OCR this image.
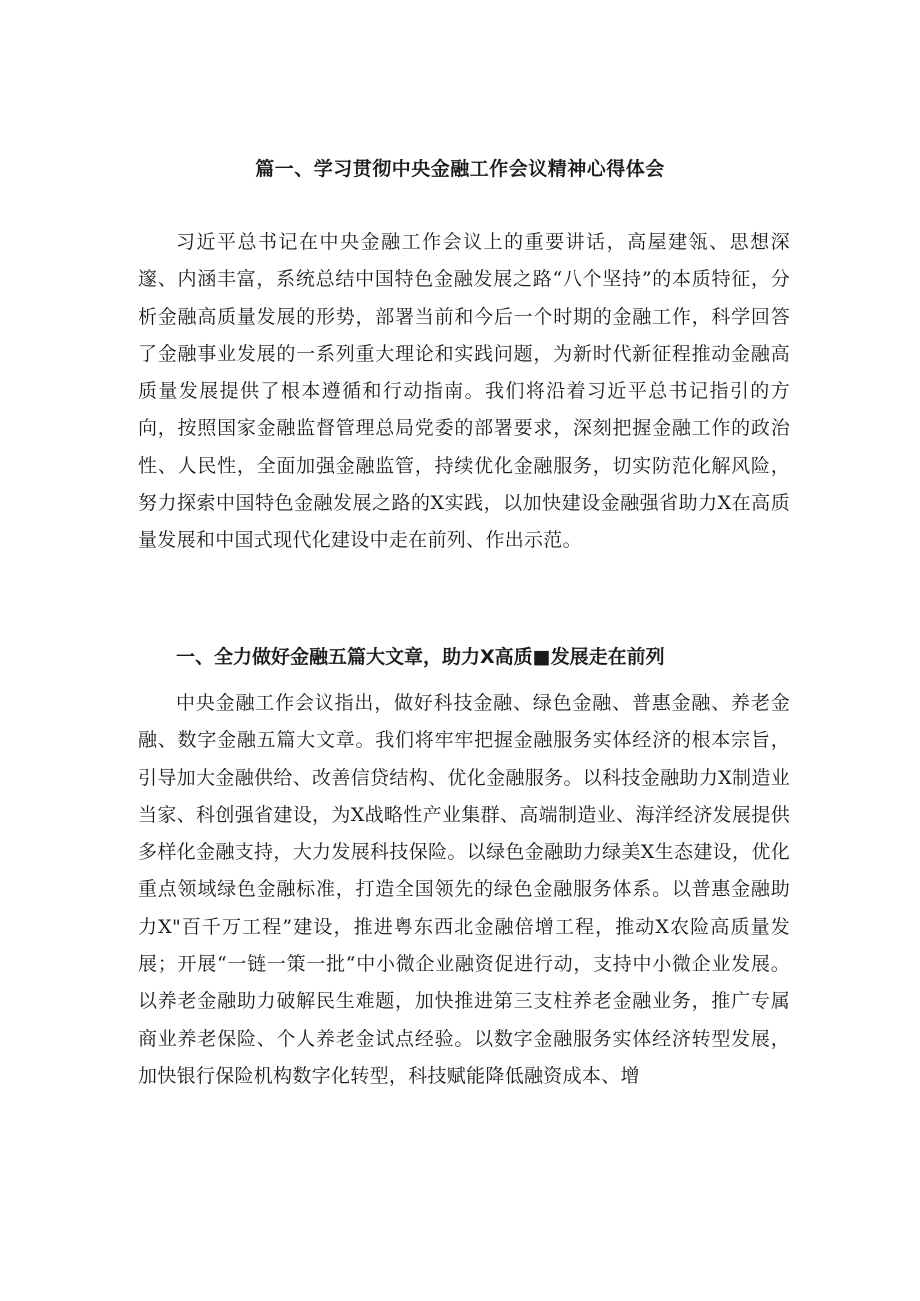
篇一、学习贯彻中央金融工作会议精神心得体会

习近平总书记在中央金融工作会议上的重要讲话，高屋建瓴、思想深邃、内涵丰富，系统总结中国特色金融发展之路“八个坚持”的本质特征，分析金融高质量发展的形势，部署当前和今后一个时期的金融工作，科学回答了金融事业发展的一系列重大理论和实践问题，为新时代新征程推动金融高质量发展提供了根本遵循和行动指南。我们将沿着习近平总书记指引的方向，按照国家金融监督管理总局党委的部署要求，深刻把握金融工作的政治性、人民性，全面加强金融监管，持续优化金融服务，切实防范化解风险，努力探索中国特色金融发展之路的X实践，以加快建设金融强省助力X在高质量发展和中国式现代化建设中走在前列、作出示范。

一、全力做好金融五篇大文章，助力X高质■发展走在前列

中央金融工作会议指出，做好科技金融、绿色金融、普惠金融、养老金融、数字金融五篇大文章。我们将牢牢把握金融服务实体经济的根本宗旨，引导加大金融供给、改善信贷结构、优化金融服务。以科技金融助力X制造业当家、科创强省建设，为X战略性产业集群、高端制造业、海洋经济发展提供多样化金融支持，大力发展科技保险。以绿色金融助力绿美X生态建设，优化重点领域绿色金融标准，打造全国领先的绿色金融服务体系。以普惠金融助力X"百千万工程”建设，推进粤东西北金融倍增工程，推动X农险高质量发展；开展“一链一策一批“中小微企业融资促进行动，支持中小微企业发展。以养老金融助力破解民生难题，加快推进第三支柱养老金融业务，推广专属商业养老保险、个人养老金试点经验。以数字金融服务实体经济转型发展，加快银行保险机构数字化转型，科技赋能降低融资成本、增
